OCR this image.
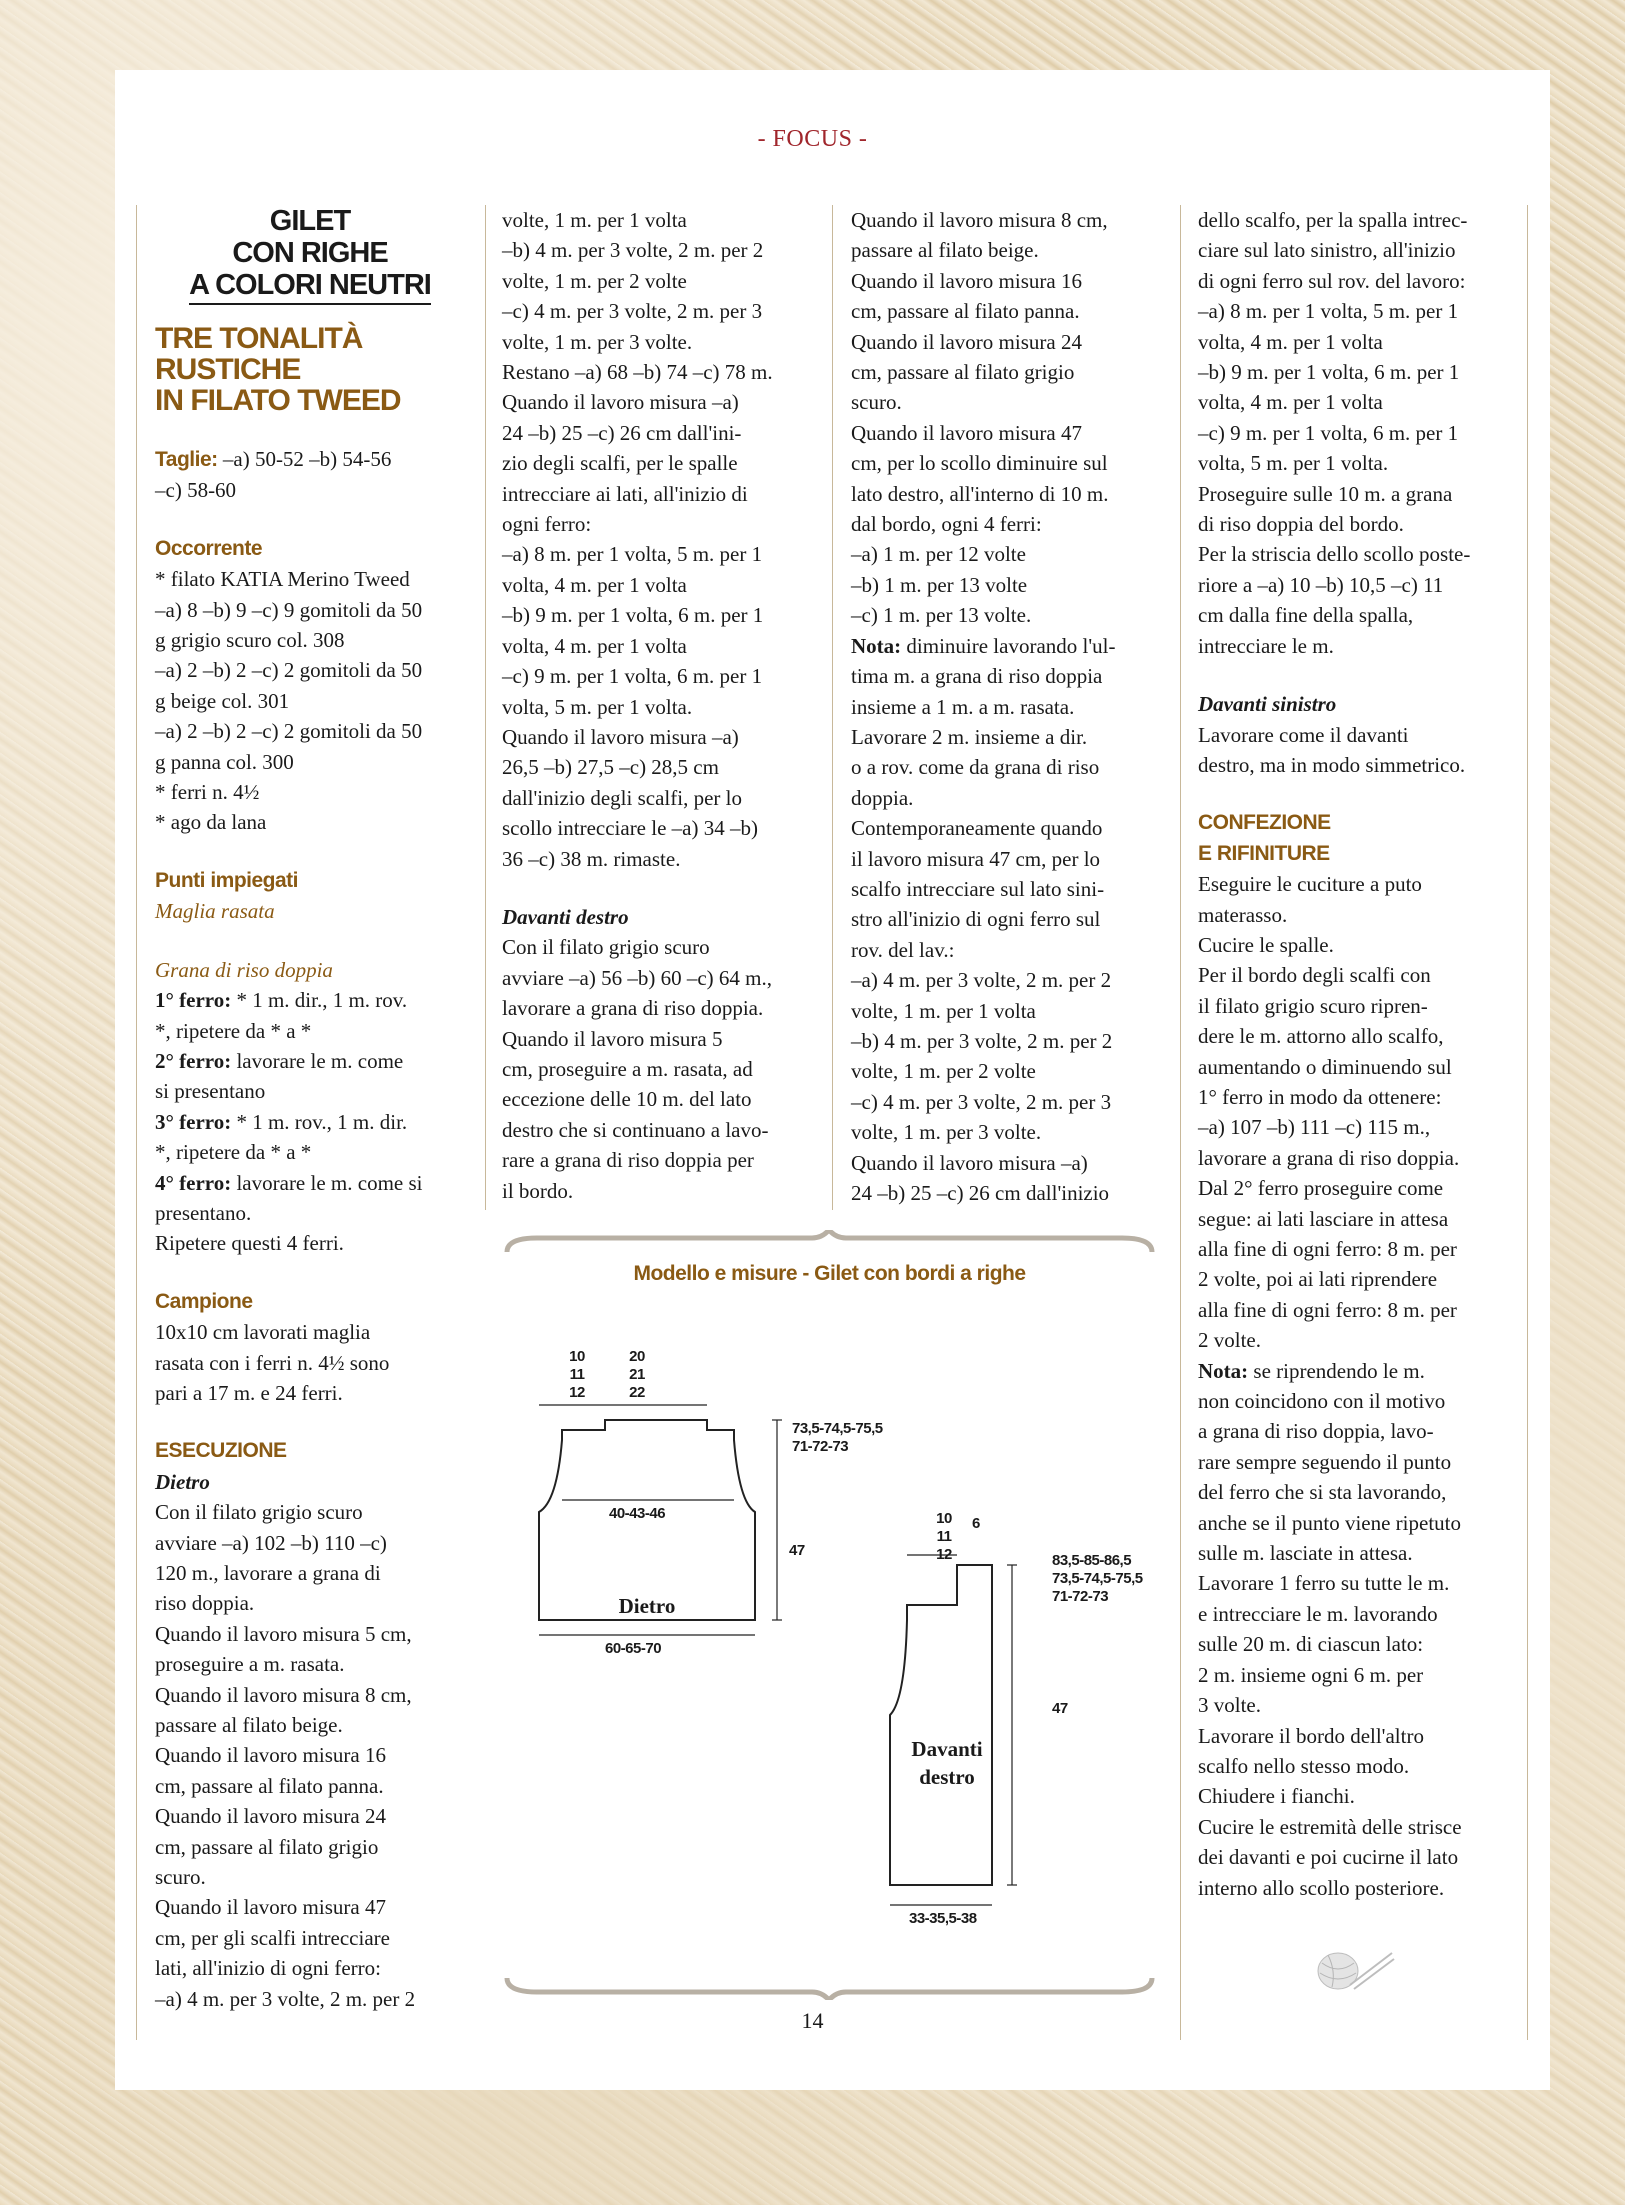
- FOCUS -
GILET
CON RIGHE
A COLORI NEUTRI
TRE TONALITÀ
RUSTICHE
IN FILATO TWEED

Taglie: –a) 50-52 –b) 54-56

–c) 58-60

Occorrente

* filato KATIA Merino Tweed

–a) 8 –b) 9 –c) 9 gomitoli da 50

g grigio scuro col. 308

–a) 2 –b) 2 –c) 2 gomitoli da 50

g beige col. 301

–a) 2 –b) 2 –c) 2 gomitoli da 50

g panna col. 300

* ferri n. 4½

* ago da lana

Punti impiegati

Maglia rasata

Grana di riso doppia

1° ferro: * 1 m. dir., 1 m. rov.

*, ripetere da * a *

2° ferro: lavorare le m. come

si presentano

3° ferro: * 1 m. rov., 1 m. dir.

*, ripetere da * a *

4° ferro: lavorare le m. come si

presentano.

Ripetere questi 4 ferri.

Campione

10x10 cm lavorati maglia

rasata con i ferri n. 4½ sono

pari a 17 m. e 24 ferri.

ESECUZIONE

Dietro

Con il filato grigio scuro

avviare –a) 102 –b) 110 –c)

120 m., lavorare a grana di

riso doppia.

Quando il lavoro misura 5 cm,

proseguire a m. rasata.

Quando il lavoro misura 8 cm,

passare al filato beige.

Quando il lavoro misura 16

cm, passare al filato panna.

Quando il lavoro misura 24

cm, passare al filato grigio

scuro.

Quando il lavoro misura 47

cm, per gli scalfi intrecciare

lati, all'inizio di ogni ferro:

–a) 4 m. per 3 volte, 2 m. per 2

volte, 1 m. per 1 volta

–b) 4 m. per 3 volte, 2 m. per 2

volte, 1 m. per 2 volte

–c) 4 m. per 3 volte, 2 m. per 3

volte, 1 m. per 3 volte.

Restano –a) 68 –b) 74 –c) 78 m.

Quando il lavoro misura –a)

24 –b) 25 –c) 26 cm dall'ini-

zio degli scalfi, per le spalle

intrecciare ai lati, all'inizio di

ogni ferro:

–a) 8 m. per 1 volta, 5 m. per 1

volta, 4 m. per 1 volta

–b) 9 m. per 1 volta, 6 m. per 1

volta, 4 m. per 1 volta

–c) 9 m. per 1 volta, 6 m. per 1

volta, 5 m. per 1 volta.

Quando il lavoro misura –a)

26,5 –b) 27,5 –c) 28,5 cm

dall'inizio degli scalfi, per lo

scollo intrecciare le –a) 34 –b)

36 –c) 38 m. rimaste.

Davanti destro

Con il filato grigio scuro

avviare –a) 56 –b) 60 –c) 64 m.,

lavorare a grana di riso doppia.

Quando il lavoro misura 5

cm, proseguire a m. rasata, ad

eccezione delle 10 m. del lato

destro che si continuano a lavo-

rare a grana di riso doppia per

il bordo.

Quando il lavoro misura 8 cm,

passare al filato beige.

Quando il lavoro misura 16

cm, passare al filato panna.

Quando il lavoro misura 24

cm, passare al filato grigio

scuro.

Quando il lavoro misura 47

cm, per lo scollo diminuire sul

lato destro, all'interno di 10 m.

dal bordo, ogni 4 ferri:

–a) 1 m. per 12 volte

–b) 1 m. per 13 volte

–c) 1 m. per 13 volte.

Nota: diminuire lavorando l'ul-

tima m. a grana di riso doppia

insieme a 1 m. a m. rasata.

Lavorare 2 m. insieme a dir.

o a rov. come da grana di riso

doppia.

Contemporaneamente quando

il lavoro misura 47 cm, per lo

scalfo intrecciare sul lato sini-

stro all'inizio di ogni ferro sul

rov. del lav.:

–a) 4 m. per 3 volte, 2 m. per 2

volte, 1 m. per 1 volta

–b) 4 m. per 3 volte, 2 m. per 2

volte, 1 m. per 2 volte

–c) 4 m. per 3 volte, 2 m. per 3

volte, 1 m. per 3 volte.

Quando il lavoro misura –a)

24 –b) 25 –c) 26 cm dall'inizio

dello scalfo, per la spalla intrec-

ciare sul lato sinistro, all'inizio

di ogni ferro sul rov. del lavoro:

–a) 8 m. per 1 volta, 5 m. per 1

volta, 4 m. per 1 volta

–b) 9 m. per 1 volta, 6 m. per 1

volta, 4 m. per 1 volta

–c) 9 m. per 1 volta, 6 m. per 1

volta, 5 m. per 1 volta.

Proseguire sulle 10 m. a grana

di riso doppia del bordo.

Per la striscia dello scollo poste-

riore a –a) 10 –b) 10,5 –c) 11

cm dalla fine della spalla,

intrecciare le m.

Davanti sinistro

Lavorare come il davanti

destro, ma in modo simmetrico.

CONFEZIONE

E RIFINITURE

Eseguire le cuciture a puto

materasso.

Cucire le spalle.

Per il bordo degli scalfi con

il filato grigio scuro ripren-

dere le m. attorno allo scalfo,

aumentando o diminuendo sul

1° ferro in modo da ottenere:

–a) 107 –b) 111 –c) 115 m.,

lavorare a grana di riso doppia.

Dal 2° ferro proseguire come

segue: ai lati lasciare in attesa

alla fine di ogni ferro: 8 m. per

2 volte, poi ai lati riprendere

alla fine di ogni ferro: 8 m. per

2 volte.

Nota: se riprendendo le m.

non coincidono con il motivo

a grana di riso doppia, lavo-

rare sempre seguendo il punto

del ferro che si sta lavorando,

anche se il punto viene ripetuto

sulle m. lasciate in attesa.

Lavorare 1 ferro su tutte le m.

e intrecciare le m. lavorando

sulle 20 m. di ciascun lato:

2 m. insieme ogni 6 m. per

3 volte.

Lavorare il bordo dell'altro

scalfo nello stesso modo.

Chiudere i fianchi.

Cucire le estremità delle strisce

dei davanti e poi cucirne il lato

interno allo scollo posteriore.

Modello e misure - Gilet con bordi a righe
10
11
12
20
21
22
73,5-74,5-75,5
71-72-73
40-43-46
47
Dietro
60-65-70
10
11
12
6
83,5-85-86,5
73,5-74,5-75,5
71-72-73
47
Davanti
destro
33-35,5-38
14
